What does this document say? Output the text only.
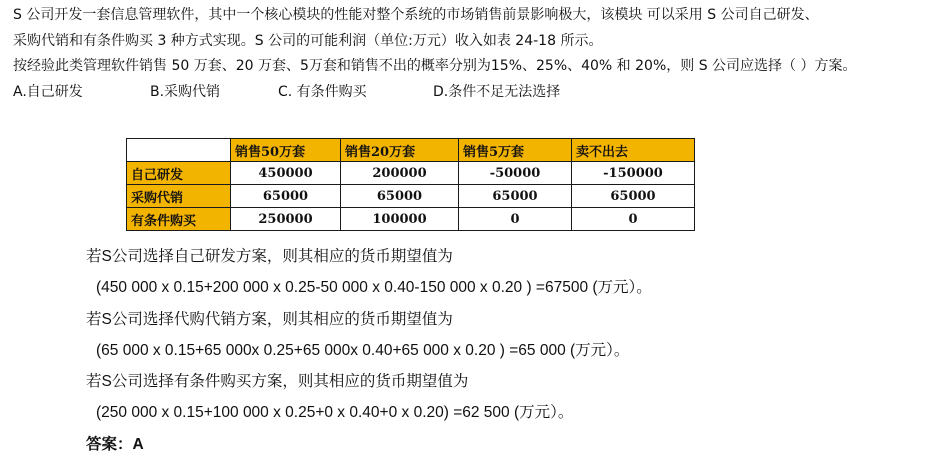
S 公司开发一套信息管理软件，其中一个核心模块的性能对整个系统的市场销售前景影响极大，该模块 可以采用 S 公司自己研发、

采购代销和有条件购买 3 种方式实现。S 公司的可能利润（单位:万元）收入如表 24-18 所示。

按经验此类管理软件销售 50 万套、20 万套、5万套和销售不出的概率分别为15%、25%、40% 和 20%，则 S 公司应选择（ ）方案。

A.自己研发	B.采购代销	C. 有条件购买	D.条件不足无法选择
	销售50万套	销售20万套	销售5万套	卖不出去
自己研发	450000	200000	-50000	-150000
采购代销	65000	65000	65000	65000
有条件购买	250000	100000	0	0

若S公司选择自己研发方案，则其相应的货币期望值为

(450 000 x 0.15+200 000 x 0.25-50 000 x 0.40-150 000 x 0.20 ) =67500 (万元）。

若S公司选择代购代销方案，则其相应的货币期望值为

(65 000 x 0.15+65 000x 0.25+65 000x 0.40+65 000 x 0.20 ) =65 000 (万元）。

若S公司选择有条件购买方案，则其相应的货币期望值为

(250 000 x 0.15+100 000 x 0.25+0 x 0.40+0 x 0.20) =62 500 (万元）。

答案：A
